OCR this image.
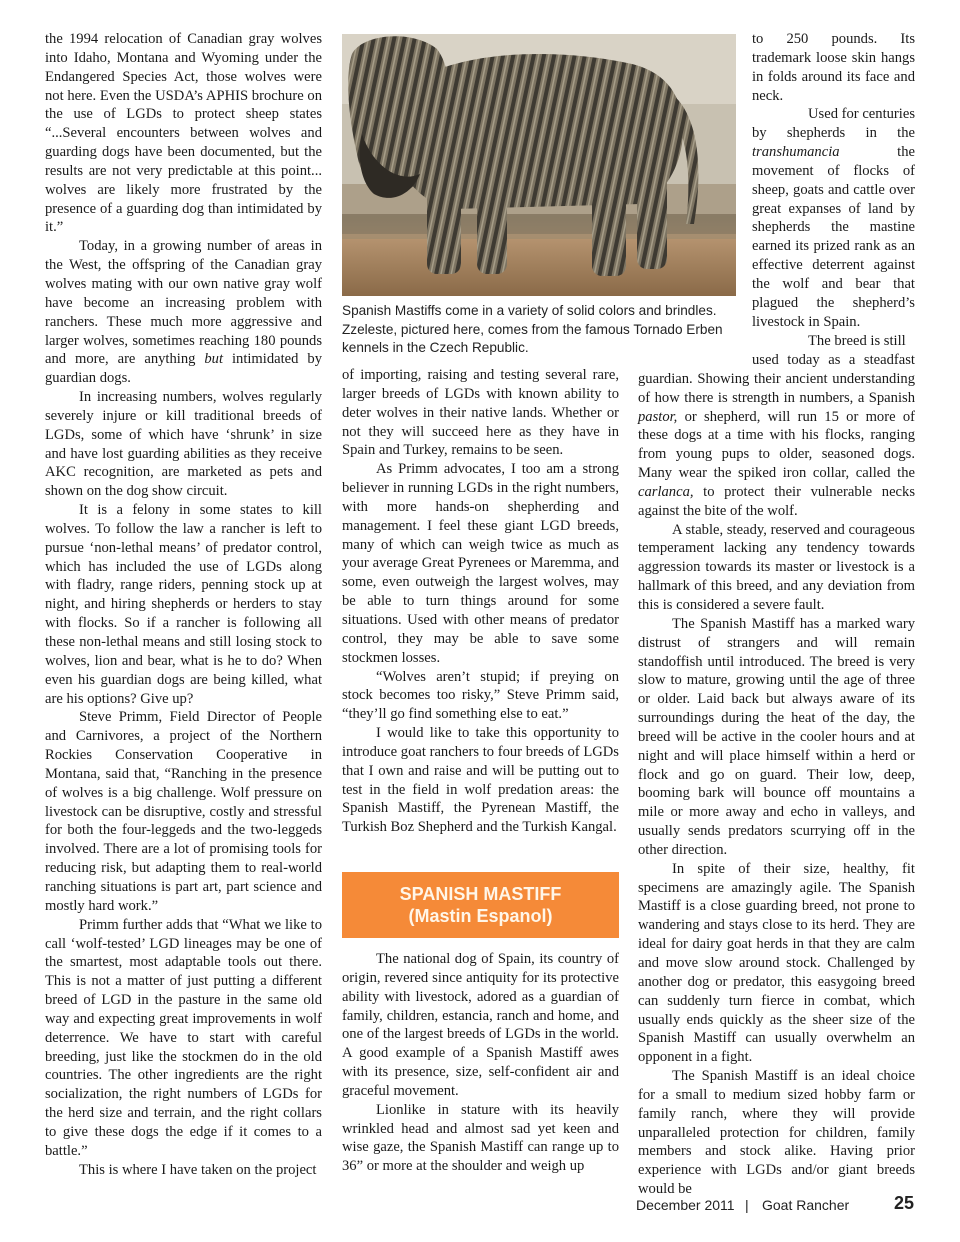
the 1994 relocation of Canadian gray wolves into Idaho, Montana and Wyoming under the Endangered Species Act, those wolves were not here. Even the USDA’s APHIS brochure on the use of LGDs to protect sheep states “...Several encounters between wolves and guarding dogs have been documented, but the results are not very predictable at this point... wolves are likely more frustrated by the presence of a guarding dog than intimidated by it.”

Today, in a growing number of areas in the West, the offspring of the Canadian gray wolves mating with our own native gray wolf have become an increasing problem with ranchers. These much more aggressive and larger wolves, sometimes reaching 180 pounds and more, are anything but intimidated by guardian dogs.

In increasing numbers, wolves regularly severely injure or kill traditional breeds of LGDs, some of which have ‘shrunk’ in size and have lost guarding abilities as they receive AKC recognition, are marketed as pets and shown on the dog show circuit.

It is a felony in some states to kill wolves. To follow the law a rancher is left to pursue ‘non-lethal means’ of predator control, which has included the use of LGDs along with fladry, range riders, penning stock up at night, and hiring shepherds or herders to stay with flocks. So if a rancher is following all these non-lethal means and still losing stock to wolves, lion and bear, what is he to do? When even his guardian dogs are being killed, what are his options? Give up?

Steve Primm, Field Director of People and Carnivores, a project of the Northern Rockies Conservation Cooperative in Montana, said that, “Ranching in the presence of wolves is a big challenge. Wolf pressure on livestock can be disruptive, costly and stressful for both the four-leggeds and the two-leggeds involved. There are a lot of promising tools for reducing risk, but adapting them to real-world ranching situations is part art, part science and mostly hard work.”

Primm further adds that “What we like to call ‘wolf-tested’ LGD lineages may be one of the smartest, most adaptable tools out there. This is not a matter of just putting a different breed of LGD in the pasture in the same old way and expecting great improvements in wolf deterrence. We have to start with careful breeding, just like the stockmen do in the old countries. The other ingredients are the right socialization, the right numbers of LGDs for the herd size and terrain, and the right collars to give these dogs the edge if it comes to a battle.”

This is where I have taken on the project

Spanish Mastiffs come in a variety of solid colors and brindles. Zzeleste, pictured here, comes from the famous Tornado Erben kennels in the Czech Republic.

of importing, raising and testing several rare, larger breeds of LGDs with known ability to deter wolves in their native lands. Whether or not they will succeed here as they have in Spain and Turkey, remains to be seen.

As Primm advocates, I too am a strong believer in running LGDs in the right numbers, with more hands-on shepherding and management. I feel these giant LGD breeds, many of which can weigh twice as much as your average Great Pyrenees or Maremma, and some, even outweigh the largest wolves, may be able to turn things around for some situations. Used with other means of predator control, they may be able to save some stockmen losses.

“Wolves aren’t stupid; if preying on stock becomes too risky,” Steve Primm said, “they’ll go find something else to eat.”

I would like to take this opportunity to introduce goat ranchers to four breeds of LGDs that I own and raise and will be putting out to test in the field in wolf predation areas: the Spanish Mastiff, the Pyrenean Mastiff, the Turkish Boz Shepherd and the Turkish Kangal.

SPANISH MASTIFF
(Mastin Espanol)

The national dog of Spain, its country of origin, revered since antiquity for its protective ability with livestock, adored as a guardian of family, children, estancia, ranch and home, and one of the largest breeds of LGDs in the world. A good example of a Spanish Mastiff awes with its presence, size, self-confident air and graceful movement.

Lionlike in stature with its heavily wrinkled head and almost sad yet keen and wise gaze, the Spanish Mastiff can range up to 36” or more at the shoulder and weigh up

to 250 pounds. Its trademark loose skin hangs in folds around its face and neck.

Used for centuries by shepherds in the transhumancia the movement of flocks of sheep, goats and cattle over great expanses of land by shepherds the mastine earned its prized rank as an effective deterrent against the wolf and bear that plagued the shepherd’s livestock in Spain.

The breed is still

used today as a steadfast guardian. Showing their ancient understanding of how there is strength in numbers, a Spanish pastor, or shepherd, will run 15 or more of these dogs at a time with his flocks, ranging from young pups to older, seasoned dogs. Many wear the spiked iron collar, called the carlanca, to protect their vulnerable necks against the bite of the wolf.

A stable, steady, reserved and courageous temperament lacking any tendency towards aggression towards its master or livestock is a hallmark of this breed, and any deviation from this is considered a severe fault.

The Spanish Mastiff has a marked wary distrust of strangers and will remain standoffish until introduced. The breed is very slow to mature, growing until the age of three or older. Laid back but always aware of its surroundings during the heat of the day, the breed will be active in the cooler hours and at night and will place himself within a herd or flock and go on guard. Their low, deep, booming bark will bounce off mountains a mile or more away and echo in valleys, and usually sends predators scurrying off in the other direction.

In spite of their size, healthy, fit specimens are amazingly agile. The Spanish Mastiff is a close guarding breed, not prone to wandering and stays close to its herd. They are ideal for dairy goat herds in that they are calm and move slow around stock. Challenged by another dog or predator, this easygoing breed can suddenly turn fierce in combat, which usually ends quickly as the sheer size of the Spanish Mastiff can usually overwhelm an opponent in a fight.

The Spanish Mastiff is an ideal choice for a small to medium sized hobby farm or family ranch, where they will provide unparalleled protection for children, family members and stock alike. Having prior experience with LGDs and/or giant breeds would be

December 2011 | Goat Rancher 25
